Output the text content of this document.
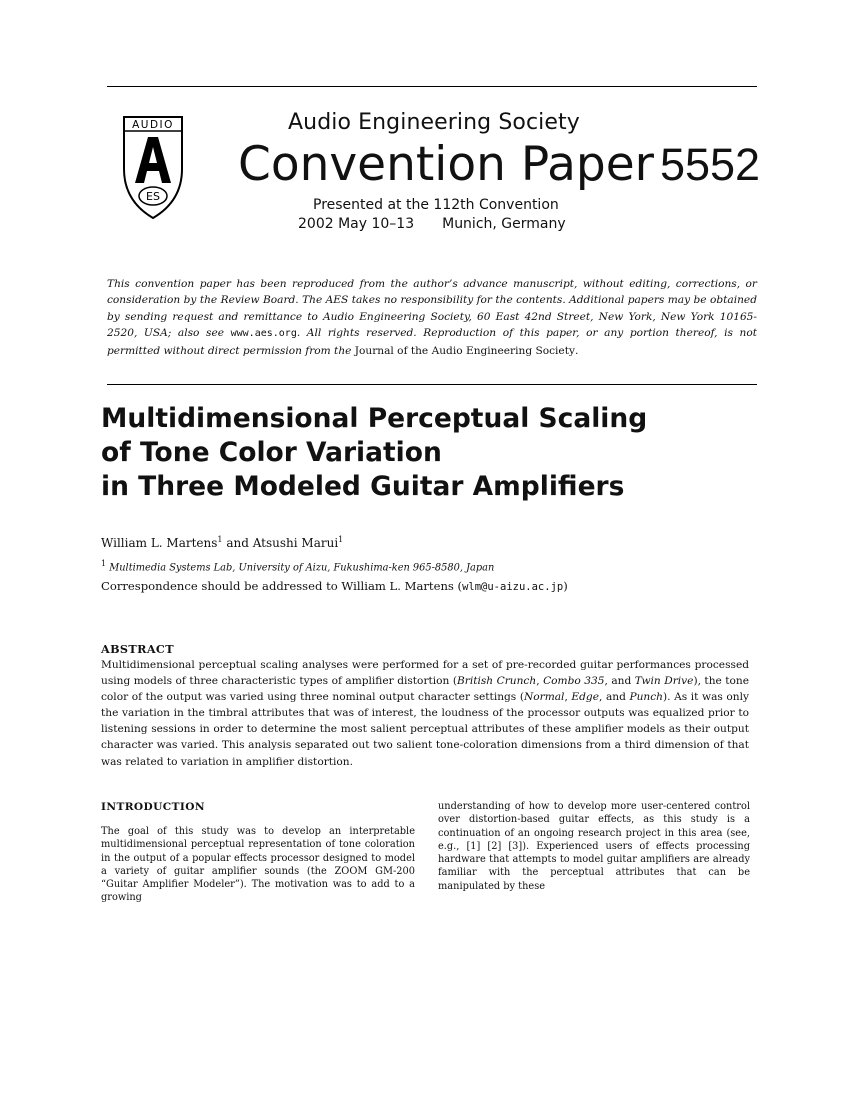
AUDIO
ES
Audio Engineering Society
Convention Paper 5552
Presented at the 112th Convention
2002 May 10–13 Munich, Germany
This convention paper has been reproduced from the author’s advance manuscript, without editing, corrections, or consideration by the Review Board. The AES takes no responsibility for the contents. Additional papers may be obtained by sending request and remittance to Audio Engineering Society, 60 East 42nd Street, New York, New York 10165-2520, USA; also see www.aes.org. All rights reserved. Reproduction of this paper, or any portion thereof, is not permitted without direct permission from the Journal of the Audio Engineering Society.
Multidimensional Perceptual Scaling
of Tone Color Variation
in Three Modeled Guitar Amplifiers
William L. Martens$^1$ and Atsushi Marui$^1$
$^1$ Multimedia Systems Lab, University of Aizu, Fukushima-ken 965-8580, Japan
Correspondence should be addressed to William L. Martens (wlm@u-aizu.ac.jp)
ABSTRACT
Multidimensional perceptual scaling analyses were performed for a set of pre-recorded guitar performances processed using models of three characteristic types of amplifier distortion (British Crunch, Combo 335, and Twin Drive), the tone color of the output was varied using three nominal output character settings (Normal, Edge, and Punch). As it was only the variation in the timbral attributes that was of interest, the loudness of the processor outputs was equalized prior to listening sessions in order to determine the most salient perceptual attributes of these amplifier models as their output character was varied. This analysis separated out two salient tone-coloration dimensions from a third dimension of that was related to variation in amplifier distortion.
INTRODUCTION
The goal of this study was to develop an interpretable multidimensional perceptual representation of tone coloration in the output of a popular effects processor designed to model a variety of guitar amplifier sounds (the ZOOM GM-200 “Guitar Amplifier Modeler”). The motivation was to add to a growing
understanding of how to develop more user-centered control over distortion-based guitar effects, as this study is a continuation of an ongoing research project in this area (see, e.g., [1] [2] [3]). Experienced users of effects processing hardware that attempts to model guitar amplifiers are already familiar with the perceptual attributes that can be manipulated by these
